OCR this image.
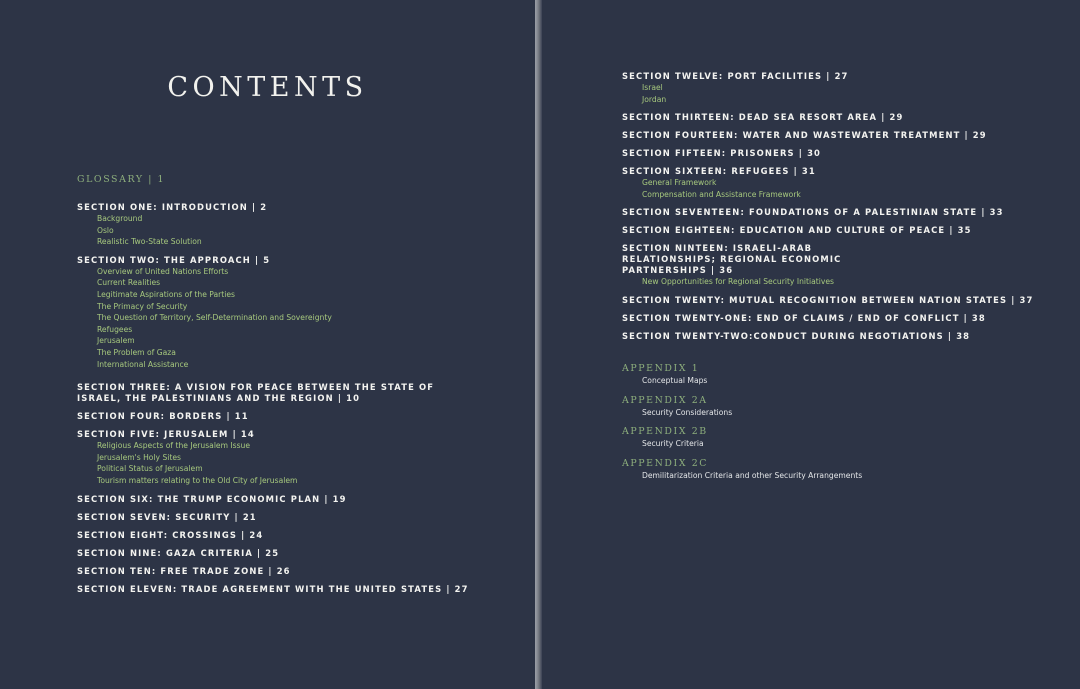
CONTENTS
GLOSSARY | 1
SECTION ONE: INTRODUCTION | 2
Background
Oslo
Realistic Two-State Solution
SECTION TWO: THE APPROACH | 5
Overview of United Nations Efforts
Current Realities
Legitimate Aspirations of the Parties
The Primacy of Security
The Question of Territory, Self-Determination and Sovereignty
Refugees
Jerusalem
The Problem of Gaza
International Assistance
SECTION THREE: A VISION FOR PEACE BETWEEN THE STATE OF ISRAEL, THE PALESTINIANS AND THE REGION | 10
SECTION FOUR: BORDERS | 11
SECTION FIVE: JERUSALEM | 14
Religious Aspects of the Jerusalem Issue
Jerusalem's Holy Sites
Political Status of Jerusalem
Tourism matters relating to the Old City of Jerusalem
SECTION SIX: THE TRUMP ECONOMIC PLAN | 19
SECTION SEVEN: SECURITY | 21
SECTION EIGHT: CROSSINGS | 24
SECTION NINE: GAZA CRITERIA | 25
SECTION TEN: FREE TRADE ZONE | 26
SECTION ELEVEN: TRADE AGREEMENT WITH THE UNITED STATES | 27
SECTION TWELVE: PORT FACILITIES | 27
Israel
Jordan
SECTION THIRTEEN: DEAD SEA RESORT AREA | 29
SECTION FOURTEEN: WATER AND WASTEWATER TREATMENT | 29
SECTION FIFTEEN: PRISONERS | 30
SECTION SIXTEEN: REFUGEES | 31
General Framework
Compensation and Assistance Framework
SECTION SEVENTEEN: FOUNDATIONS OF A PALESTINIAN STATE | 33
SECTION EIGHTEEN: EDUCATION AND CULTURE OF PEACE | 35
SECTION NINTEEN: ISRAELI-ARAB RELATIONSHIPS; REGIONAL ECONOMIC PARTNERSHIPS | 36
New Opportunities for Regional Security Initiatives
SECTION TWENTY: MUTUAL RECOGNITION BETWEEN NATION STATES | 37
SECTION TWENTY-ONE: END OF CLAIMS / END OF CONFLICT | 38
SECTION TWENTY-TWO:CONDUCT DURING NEGOTIATIONS | 38
APPENDIX 1
Conceptual Maps
APPENDIX 2A
Security Considerations
APPENDIX 2B
Security Criteria
APPENDIX 2C
Demilitarization Criteria and other Security Arrangements
